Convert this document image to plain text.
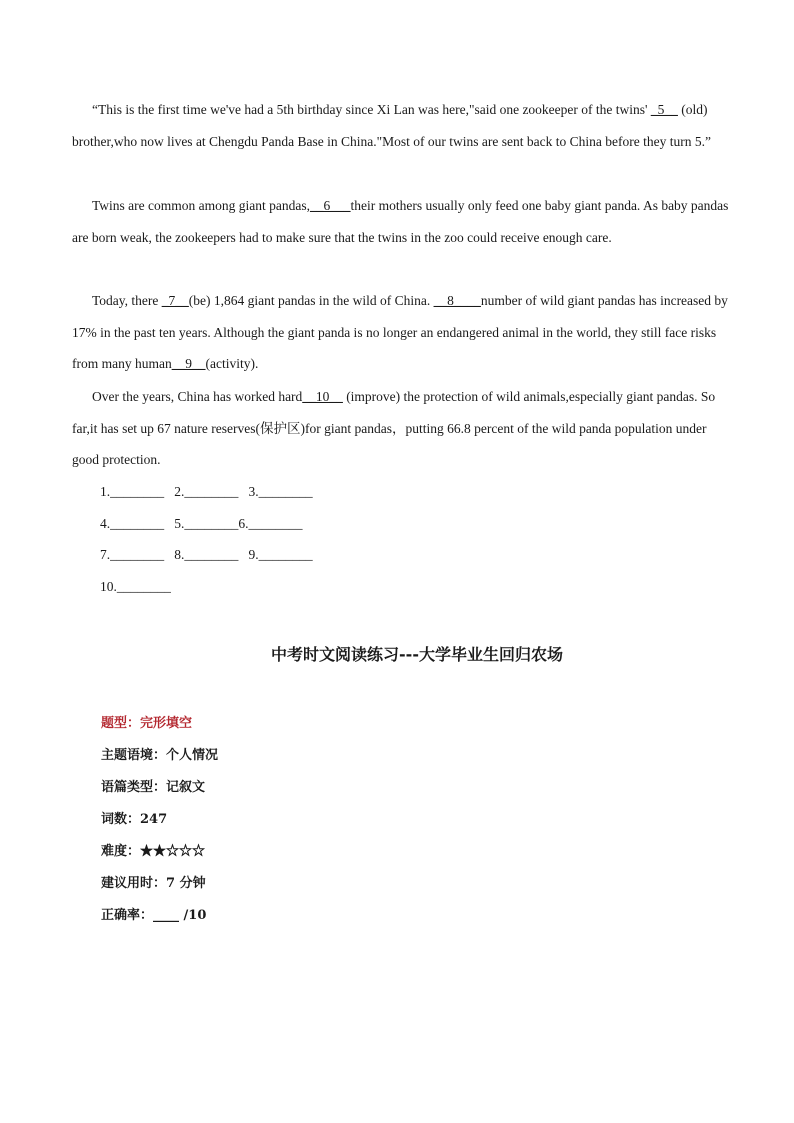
“This is the first time we've had a 5th birthday since Xi Lan was here,"said one zookeeper of the twins' _5__ (old) brother,who now lives at Chengdu Panda Base in China."Most of our twins are sent back to China before they turn 5.”

Twins are common among giant pandas,__6___their mothers usually only feed one baby giant panda. As baby pandas are born weak, the zookeepers had to make sure that the twins in the zoo could receive enough care.

Today, there _7__(be) 1,864 giant pandas in the wild of China. __8____number of wild giant pandas has increased by 17% in the past ten years. Although the giant panda is no longer an endangered animal in the world, they still face risks from many human__9__(activity).

Over the years, China has worked hard__10__ (improve) the protection of wild animals,especially giant pandas. So far,it has set up 67 nature reserves(保护区)for giant pandas，putting 66.8 percent of the wild panda population under good protection.

1.________   2.________   3.________
4.________   5.________6.________
7.________   8.________   9.________
10.________
中考时文阅读练习---大学毕业生回归农场
题型：完形填空
主题语境：个人情况
语篇类型：记叙文
词数：247
难度：★★☆☆☆
建议用时：7 分钟
正确率：____ /10
